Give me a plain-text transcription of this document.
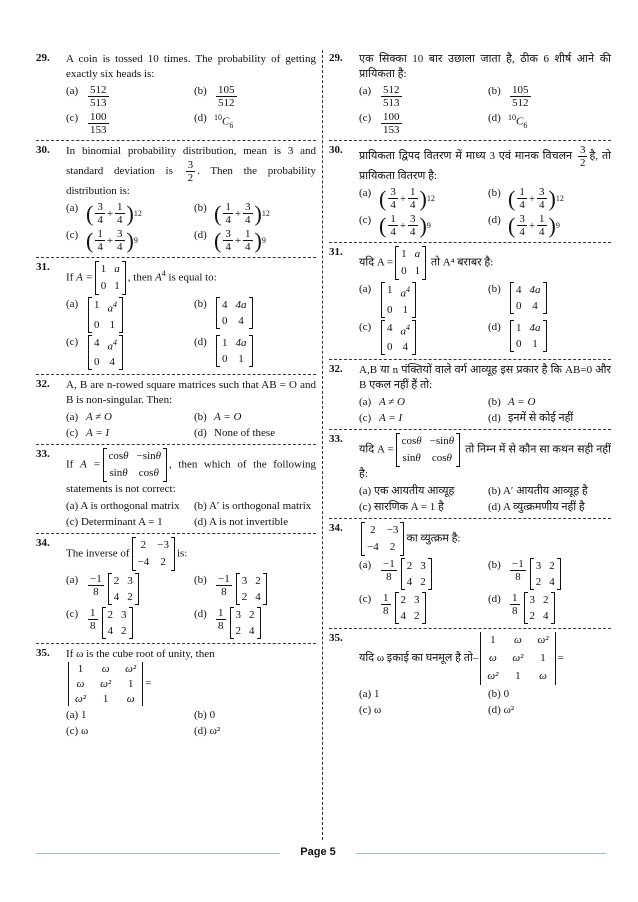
29. A coin is tossed 10 times. The probability of getting exactly six heads is:
$(a) \frac{512}{513}$	$(b) \frac{105}{512}$
$(c) \frac{100}{153}$	(d) $^{10}C_6$
30. In binomial probability distribution, mean is 3 and standard deviation is $\frac{3}{2}$ . Then the probability distribution is:
(a) ( $\frac{3}{4} + \frac{1}{4}$ ) 12	(b) ( $\frac{1}{4} + \frac{3}{4}$ ) 12
(c) ( $\frac{1}{4} + \frac{3}{4}$ ) 9	(d) ( $\frac{3}{4} + \frac{1}{4}$ ) 9
31.
If A =
1 a
0 1
, then $A^4$ is equal to:
(a)	1 $a^4$
0 1
(b)	4 4a
0 4
(c)	4 $a^4$
0 4
(d)	1 4a
0 1
32. A, B are n-rowed square matrices such that AB = O and B is non-singular. Then:
(a) A ≠ O	(b) A = O
(c) A = I	(d) None of these
33.
If A =
cosθ −sinθ
sinθ cosθ
, then which of the following statements is not correct:
(a) A is orthogonal matrix	(b) A′ is orthogonal matrix
(c) Determinant A = 1	(d) A is not invertible
34.
The inverse of
2 −3
−4 2
is:
$(a) \frac{-1}{8} 2$ 3
4 2
$(b) \frac{-1}{8} 3$ 2
2 4
$(c) \frac{1}{8} 2$ 3
4 2
$(d) \frac{1}{8} 3$ 2
2 4
35. If ω is the cube root of unity, then
1 ω ω²
ω ω² 1
ω² 1 ω
=
(a) 1	(b) 0
(c) ω	(d) ω²
29. एक सिक्का 10 बार उछाला जाता है, ठीक 6 शीर्ष आने की प्रायिकता है:
$(a) \frac{512}{513}$	$(b) \frac{105}{512}$
$(c) \frac{100}{153}$	(d) $^{10}C_6$
30.
प्रायिकता द्विपद वितरण में माध्य 3 एवं मानक विचलन $\frac{3}{2}$ है, तो प्रायिकता वितरण है:
(a) ( $\frac{3}{4} + \frac{1}{4}$ ) 12	(b) ( $\frac{1}{4} + \frac{3}{4}$ ) 12
(c) ( $\frac{1}{4} + \frac{3}{4}$ ) 9	(d) ( $\frac{3}{4} + \frac{1}{4}$ ) 9
31.
यदि A =
1 a
0 1
तो A⁴ बराबर है:
(a)	1 $a^4$
0 1
(b)	4 4a
0 4
(c)	4 $a^4$
0 4
(d)	1 4a
0 1
32. A,B या n पंक्तियों वाले वर्ग आव्यूह इस प्रकार है कि AB=0 और B एकल नहीं हैं तो:
(a) A ≠ O	(b) A = O
(c) A = I	(d) इनमें से कोई नहीं
33.
यदि A =
cosθ −sinθ
sinθ cosθ
तो निम्न में से कौन सा कथन सही नहीं है:
(a) एक आयतीय आव्यूह	(b) A′ आयतीय आव्यूह है
(c) सारणिक A = 1 है	(d) A व्युत्क्रमणीय नहीं है
34. 2 −3
−4 2
का व्युत्क्रम है:
$(a) \frac{-1}{8} 2$ 3
4 2
$(b) \frac{-1}{8} 3$ 2
2 4
$(c) \frac{1}{8} 2$ 3
4 2
$(d) \frac{1}{8} 3$ 2
2 4
35.
यदि ω इकाई का घनमूल है तो–
1 ω ω²
ω ω² 1
ω² 1 ω
=
(a) 1	(b) 0
(c) ω	(d) ω²
Page 5
